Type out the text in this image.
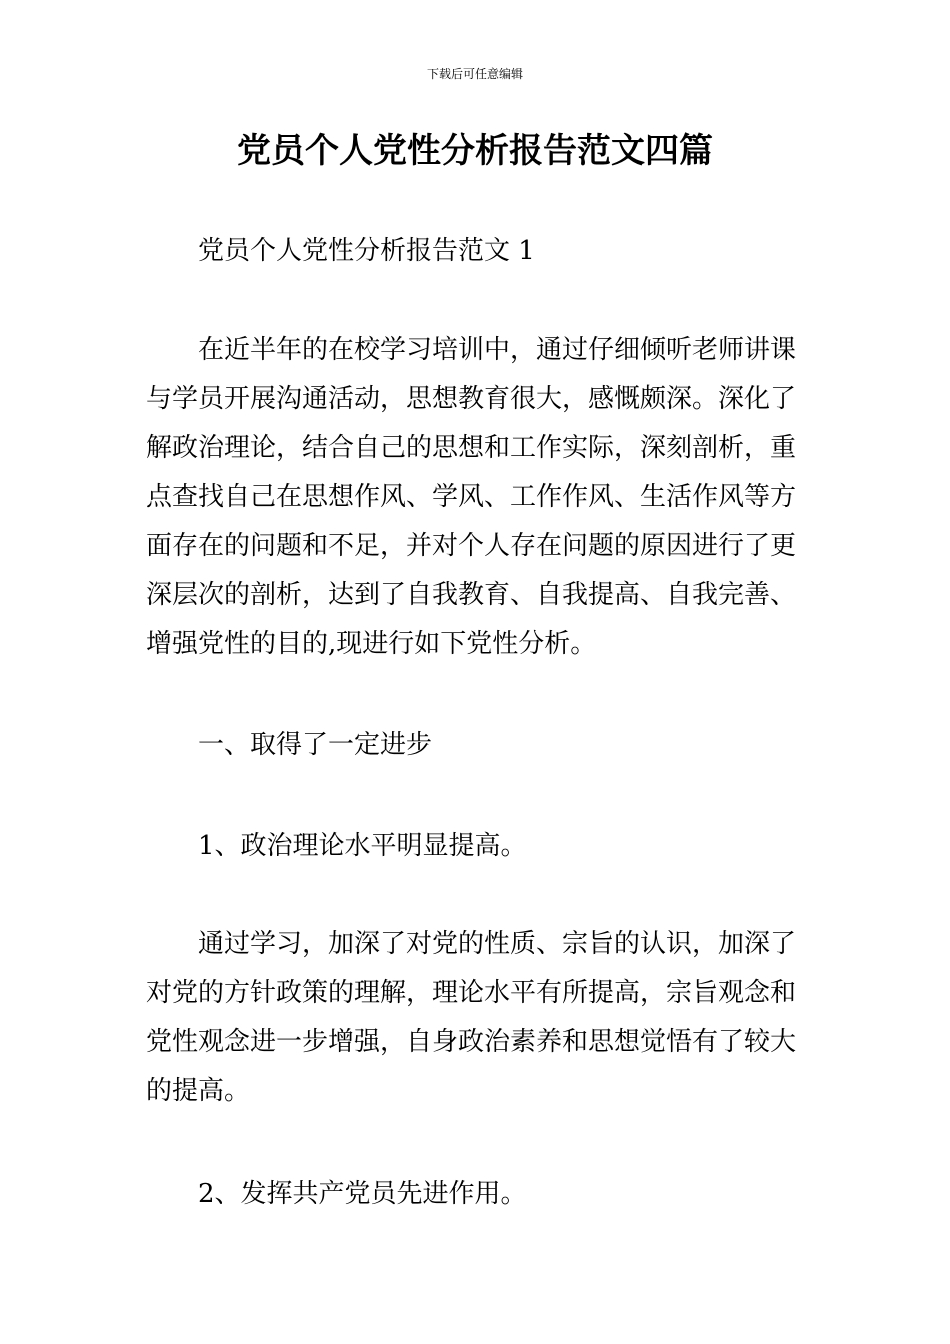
下载后可任意编辑
党员个人党性分析报告范文四篇

党员个人党性分析报告范文 1

在近半年的在校学习培训中，通过仔细倾听老师讲课
与学员开展沟通活动，思想教育很大，感慨颇深。深化了
解政治理论，结合自己的思想和工作实际，深刻剖析，重
点查找自己在思想作风、学风、工作作风、生活作风等方
面存在的问题和不足，并对个人存在问题的原因进行了更
深层次的剖析，达到了自我教育、自我提高、自我完善、
增强党性的目的,现进行如下党性分析。

一、取得了一定进步

1、政治理论水平明显提高。

通过学习，加深了对党的性质、宗旨的认识，加深了
对党的方针政策的理解，理论水平有所提高，宗旨观念和
党性观念进一步增强，自身政治素养和思想觉悟有了较大
的提高。

2、发挥共产党员先进作用。
